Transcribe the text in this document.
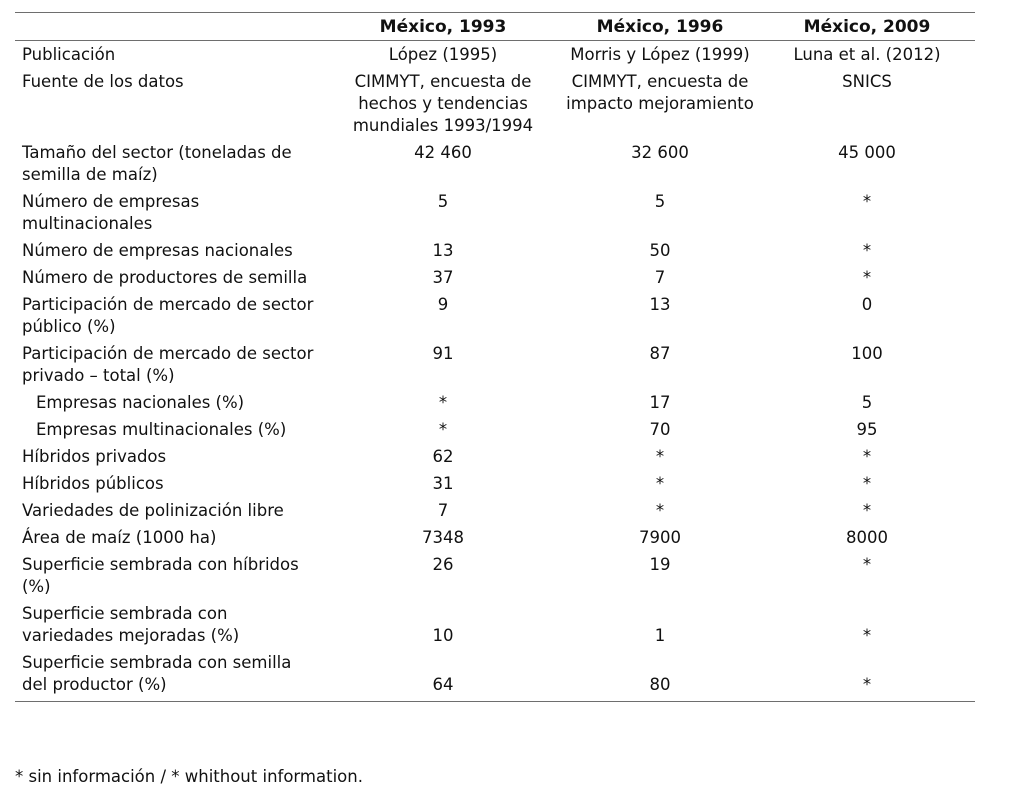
	México, 1993	México, 1996	México, 2009
Publicación	López (1995)	Morris y López (1999)	Luna et al. (2012)
Fuente de los datos	CIMMYT, encuesta de hechos y tendencias mundiales 1993/1994	CIMMYT, encuesta de impacto mejoramiento	SNICS
Tamaño del sector (toneladas de semilla de maíz)	42 460	32 600	45 000
Número de empresas multinacionales	5	5	*
Número de empresas nacionales	13	50	*
Número de productores de semilla	37	7	*
Participación de mercado de sector público (%)	9	13	0
Participación de mercado de sector privado – total (%)	91	87	100
Empresas nacionales (%)	*	17	5
Empresas multinacionales (%)	*	70	95
Híbridos privados	62	*	*
Híbridos públicos	31	*	*
Variedades de polinización libre	7	*	*
Área de maíz (1000 ha)	7348	7900	8000
Superficie sembrada con híbridos (%)	26	19	*
Superficie sembrada con variedades mejoradas (%)	10	1	*
Superficie sembrada con semilla del productor (%)	64	80	*
* sin información / * whithout information.
